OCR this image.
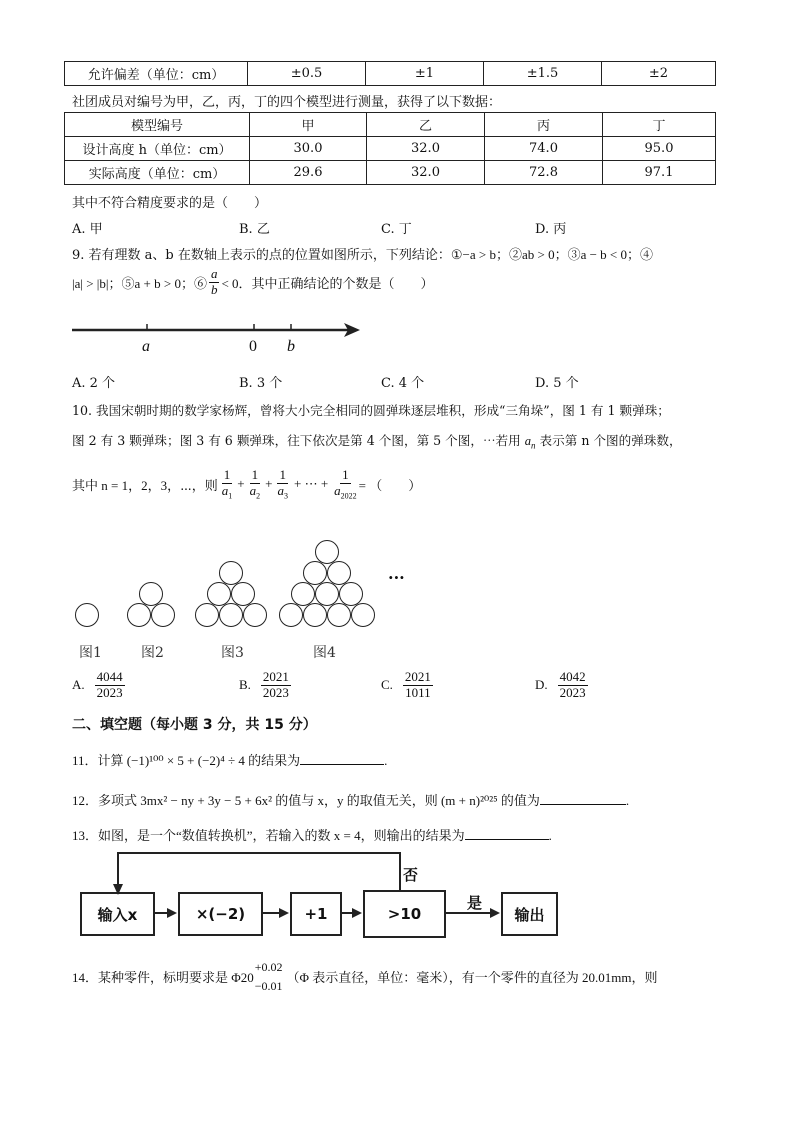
允许偏差（单位：cm）	±0.5	±1	±1.5	±2
社团成员对编号为甲，乙，丙，丁的四个模型进行测量，获得了以下数据：
模型编号	甲	乙	丙	丁
设计高度 h（单位：cm）	30.0	32.0	74.0	95.0
实际高度（单位：cm）	29.6	32.0	72.8	97.1
其中不符合精度要求的是（　　）
A. 甲	B. 乙	C. 丁	D. 丙
9. 若有理数 a、b 在数轴上表示的点的位置如图所示，下列结论：①−a > b；②ab > 0；③a − b < 0；④
|a| > |b|；⑤a + b > 0；⑥ $\frac{a}{b} < 0$．其中正确结论的个数是（　　）
a	0 b
A. 2 个	B. 3 个	C. 4 个	D. 5 个
10. 我国宋朝时期的数学家杨辉，曾将大小完全相同的圆弹珠逐层堆积，形成“三角垛”，图 1 有 1 颗弹珠；
图 2 有 3 颗弹珠；图 3 有 6 颗弹珠，往下依次是第 4 个图，第 5 个图，⋯若用 $a_n$ 表示第 n 个图的弹珠数，
其中 n = 1，2，3，⋯，则 $\frac{1}{a_1} + \frac{1}{a_2} + \frac{1}{a_3}$ + ⋯ + $\frac{1}{a_{2022}}$ = （　　）
···
图1	图2	图3	图4
A. $\frac{4044}{2023}$	B. $\frac{2021}{2023}$	C. $\frac{2021}{1011}$	D. $\frac{4042}{2023}$
二、填空题（每小题 3 分，共 15 分）
11．计算 (−1)¹⁰⁰ × 5 + (−2)⁴ ÷ 4 的结果为	.
12．多项式 3mx² − ny + 3y − 5 + 6x² 的值与 x，y 的取值无关，则 (m + n)²⁰²⁵ 的值为	.
13．如图，是一个“数值转换机”，若输入的数 x = 4，则输出的结果为	.
输入x	×(−2)	+1	>10	输出
否
是
14．某种零件，标明要求是 Φ20
+0.02
−0.01
（Φ 表示直径，单位：毫米），有一个零件的直径为 20.01mm，则
